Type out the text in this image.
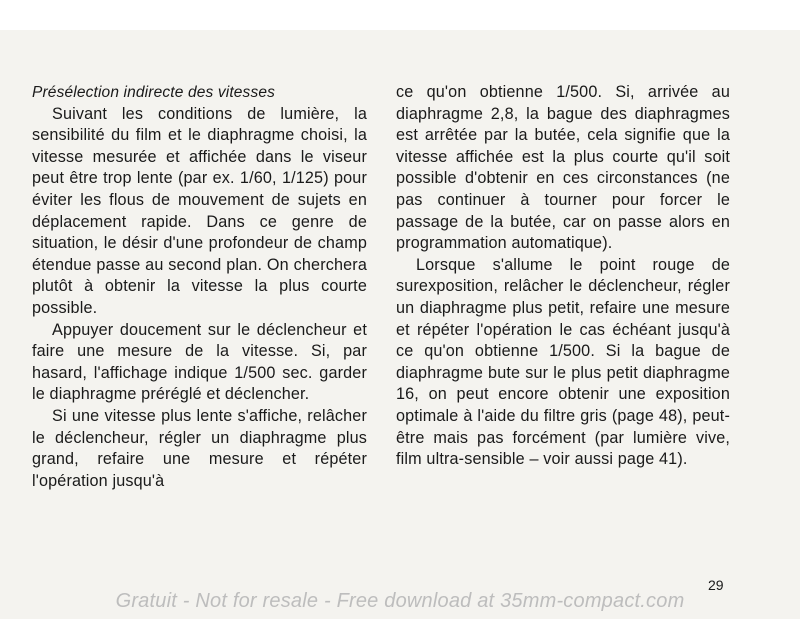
Présélection indirecte des vitesses

Suivant les conditions de lumière, la sensibilité du film et le diaphragme choisi, la vitesse mesurée et affichée dans le viseur peut être trop lente (par ex. 1/60, 1/125) pour éviter les flous de mouvement de sujets en déplacement rapide. Dans ce genre de situation, le désir d'une profondeur de champ étendue passe au second plan. On cherchera plutôt à obtenir la vitesse la plus courte possible.

Appuyer doucement sur le déclencheur et faire une mesure de la vitesse. Si, par hasard, l'affichage indique 1/500 sec. garder le diaphragme préréglé et déclencher.

Si une vitesse plus lente s'affiche, relâcher le déclencheur, régler un diaphragme plus grand, refaire une mesure et répéter l'opération jusqu'à

ce qu'on obtienne 1/500. Si, arrivée au diaphragme 2,8, la bague des diaphragmes est arrêtée par la butée, cela signifie que la vitesse affichée est la plus courte qu'il soit possible d'obtenir en ces circonstances (ne pas continuer à tourner pour forcer le passage de la butée, car on passe alors en programmation automatique).

Lorsque s'allume le point rouge de surexposition, relâcher le déclencheur, régler un diaphragme plus petit, refaire une mesure et répéter l'opération le cas échéant jusqu'à ce qu'on obtienne 1/500. Si la bague de diaphragme bute sur le plus petit diaphragme 16, on peut encore obtenir une exposition optimale à l'aide du filtre gris (page 48), peut-être mais pas forcément (par lumière vive, film ultra-sensible – voir aussi page 41).

29
Gratuit - Not for resale - Free download at 35mm-compact.com
